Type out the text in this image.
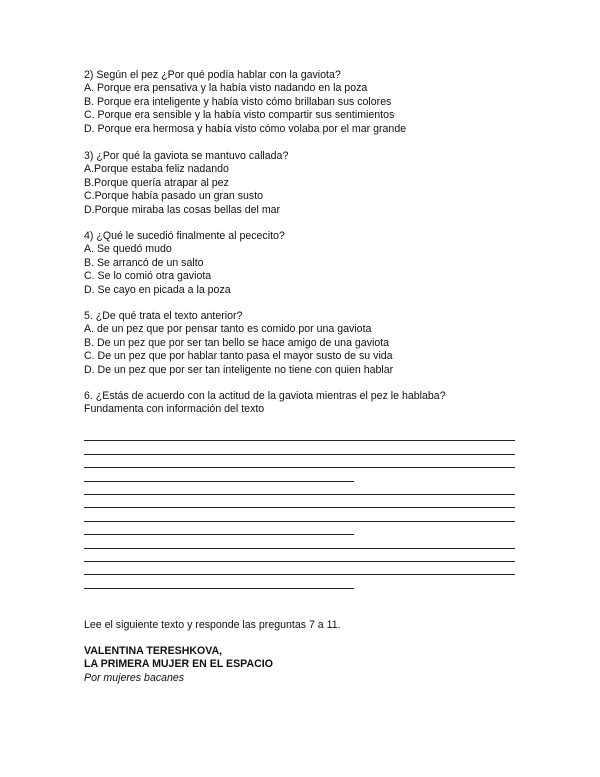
2) Según el pez ¿Por qué podía hablar con la gaviota?
A. Porque era pensativa y la había visto nadando en la poza
B. Porque era inteligente y había visto cómo brillaban sus colores
C. Porque era sensible y la había visto compartir sus sentimientos
D. Porque era hermosa y había visto cómo volaba por el mar grande
3) ¿Por qué la gaviota se mantuvo callada?
A.Porque estaba feliz nadando
B.Porque quería atrapar al pez
C.Porque había pasado un gran susto
D.Porque miraba las cosas bellas del mar
4) ¿Qué le sucedió finalmente al pececito?
A. Se quedó mudo
B. Se arrancó de un salto
C. Se lo comió otra gaviota
D. Se cayo en picada a la poza
5. ¿De qué trata el texto anterior?
A. de un pez que por pensar tanto es comido por una gaviota
B. De un pez que por ser tan bello se hace amigo de una gaviota
C. De un pez que por hablar tanto pasa el mayor susto de su vida
D. De un pez que por ser tan inteligente no tiene con quien hablar
6. ¿Estás de acuerdo con la actitud de la gaviota mientras el pez le hablaba?
Fundamenta con información del texto
Lee el siguiente texto y responde las preguntas 7 a 11.
VALENTINA TERESHKOVA,
LA PRIMERA MUJER EN EL ESPACIO
Por mujeres bacanes
